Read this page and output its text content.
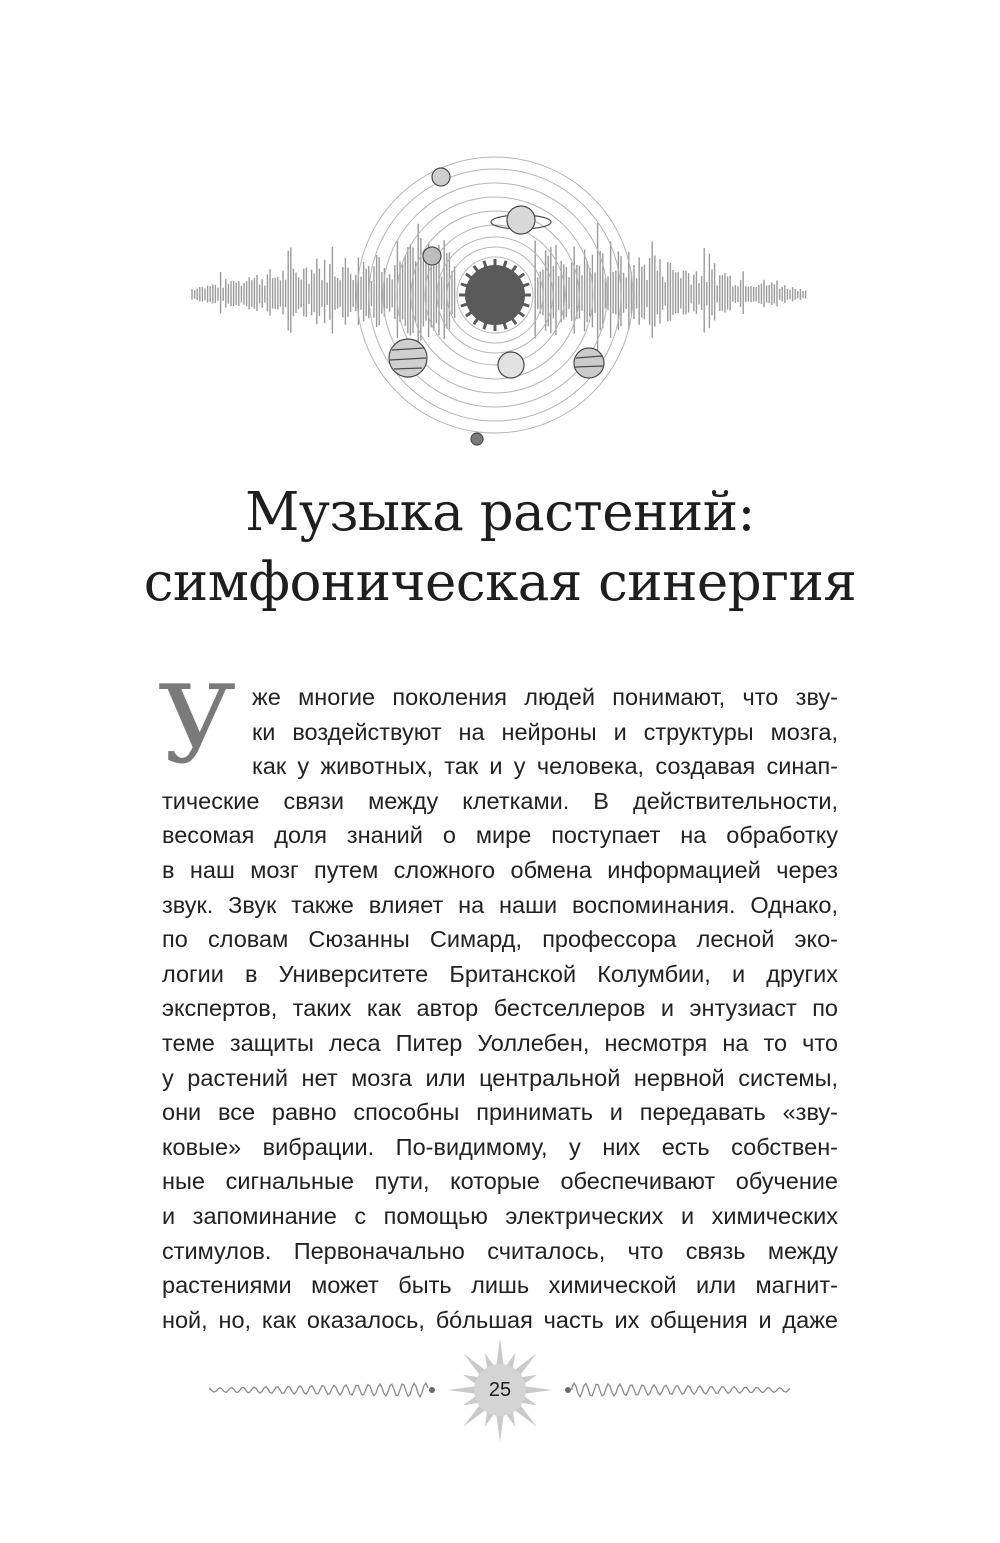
Музыка растений:
симфоническая синергия
У же многие поколения людей понимают, что зву-
ки воздействуют на нейроны и структуры мозга,
как у животных, так и у человека, создавая синап-
тические связи между клетками. В действительности,
весомая доля знаний о мире поступает на обработку
в наш мозг путем сложного обмена информацией через
звук. Звук также влияет на наши воспоминания. Однако,
по словам Сюзанны Симард, профессора лесной эко-
логии в Университете Британской Колумбии, и других
экспертов, таких как автор бестселлеров и энтузиаст по
теме защиты леса Питер Уоллебен, несмотря на то что
у растений нет мозга или центральной нервной системы,
они все равно способны принимать и передавать «зву-
ковые» вибрации. По-видимому, у них есть собствен-
ные сигнальные пути, которые обеспечивают обучение
и запоминание с помощью электрических и химических
стимулов. Первоначально считалось, что связь между
растениями может быть лишь химической или магнит-
ной, но, как оказалось, бóльшая часть их общения и даже
25
